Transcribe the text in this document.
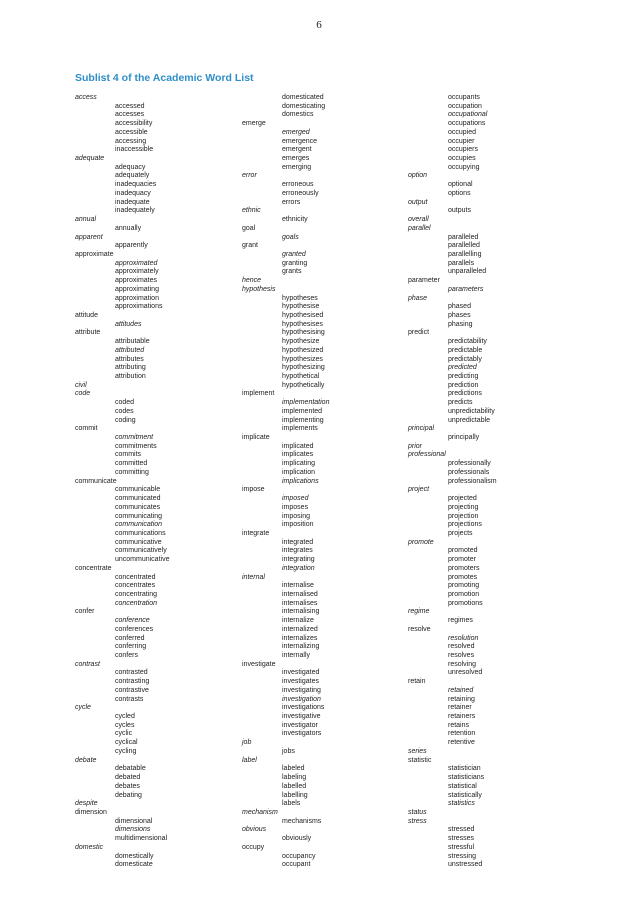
6
Sublist 4 of the Academic Word List
access
accessed
accesses
accessibility
accessible
accessing
inaccessible
adequate
adequacy
adequately
inadequacies
inadequacy
inadequate
inadequately
annual
annually
apparent
apparently
approximate
approximated
approximately
approximates
approximating
approximation
approximations
attitude
attitudes
attribute
attributable
attributed
attributes
attributing
attribution
civil
code
coded
codes
coding
commit
commitment
commitments
commits
committed
committing
communicate
communicable
communicated
communicates
communicating
communication
communications
communicative
communicatively
uncommunicative
concentrate
concentrated
concentrates
concentrating
concentration
confer
conference
conferences
conferred
conferring
confers
contrast
contrasted
contrasting
contrastive
contrasts
cycle
cycled
cycles
cyclic
cyclical
cycling
debate
debatable
debated
debates
debating
despite
dimension
dimensional
dimensions
multidimensional
domestic
domestically
domesticate
domesticated
domesticating
domestics
emerge
emerged
emergence
emergent
emerges
emerging
error
erroneous
erroneously
errors
ethnic
ethnicity
goal
goals
grant
granted
granting
grants
hence
hypothesis
hypotheses
hypothesise
hypothesised
hypothesises
hypothesising
hypothesize
hypothesized
hypothesizes
hypothesizing
hypothetical
hypothetically
implement
implementation
implemented
implementing
implements
implicate
implicated
implicates
implicating
implication
implications
impose
imposed
imposes
imposing
imposition
integrate
integrated
integrates
integrating
integration
internal
internalise
internalised
internalises
internalising
internalize
internalized
internalizes
internalizing
internally
investigate
investigated
investigates
investigating
investigation
investigations
investigative
investigator
investigators
job
jobs
label
labeled
labeling
labelled
labelling
labels
mechanism
mechanisms
obvious
obviously
occupy
occupancy
occupant
occupants
occupation
occupational
occupations
occupied
occupier
occupiers
occupies
occupying
option
optional
options
output
outputs
overall
parallel
paralleled
parallelled
parallelling
parallels
unparalleled
parameter
parameters
phase
phased
phases
phasing
predict
predictability
predictable
predictably
predicted
predicting
prediction
predictions
predicts
unpredictability
unpredictable
principal
principally
prior
professional
professionally
professionals
professionalism
project
projected
projecting
projection
projections
projects
promote
promoted
promoter
promoters
promotes
promoting
promotion
promotions
regime
regimes
resolve
resolution
resolved
resolves
resolving
unresolved
retain
retained
retaining
retainer
retainers
retains
retention
retentive
series
statistic
statistician
statisticians
statistical
statistically
statistics
status
stress
stressed
stresses
stressful
stressing
unstressed
